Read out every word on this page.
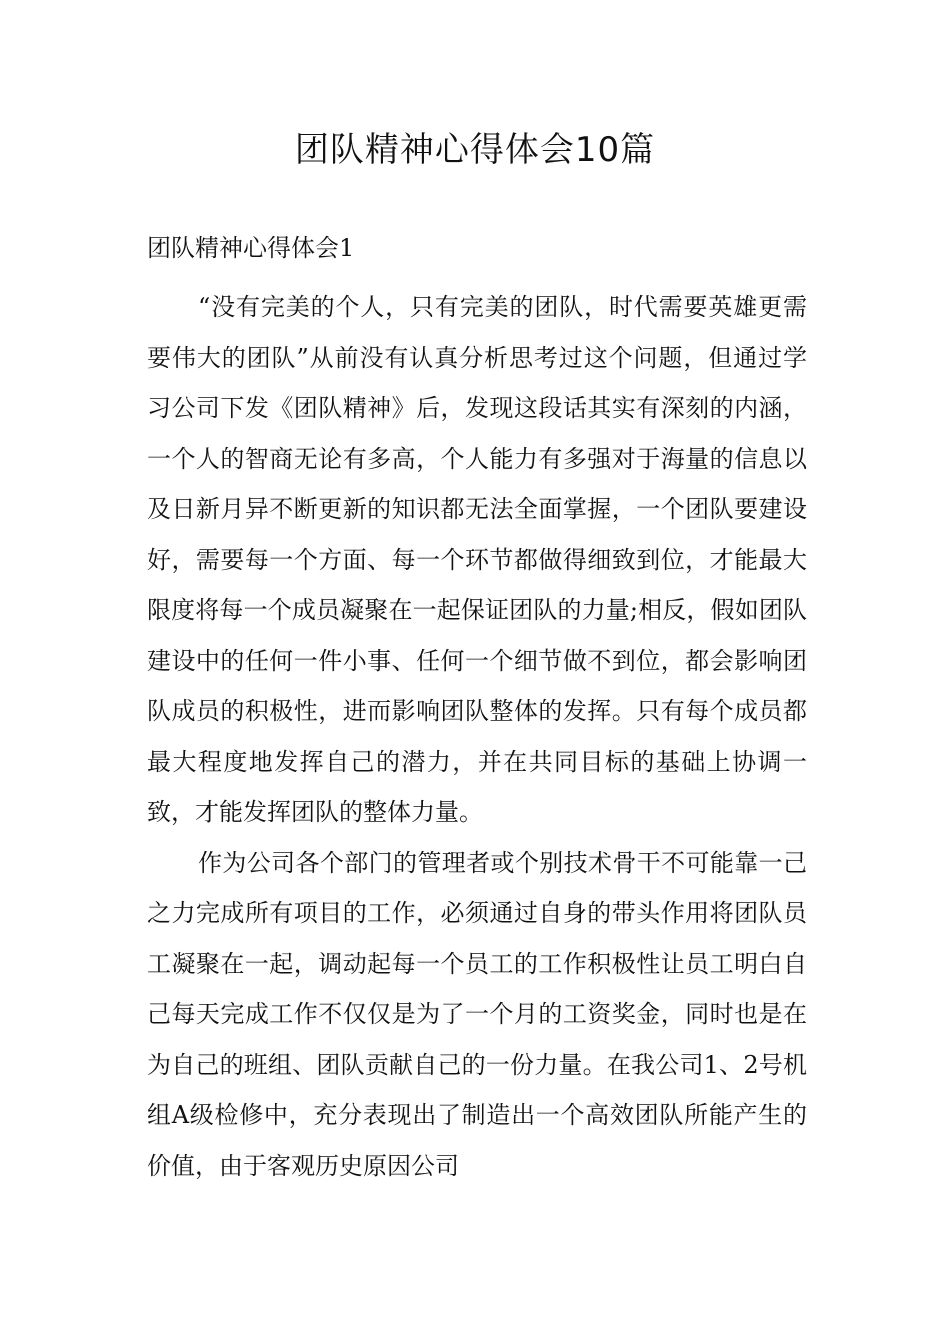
团队精神心得体会10篇
团队精神心得体会1

“没有完美的个人，只有完美的团队，时代需要英雄更需要伟大的团队”从前没有认真分析思考过这个问题，但通过学习公司下发《团队精神》后，发现这段话其实有深刻的内涵，一个人的智商无论有多高，个人能力有多强对于海量的信息以及日新月异不断更新的知识都无法全面掌握，一个团队要建设好，需要每一个方面、每一个环节都做得细致到位，才能最大限度将每一个成员凝聚在一起保证团队的力量;相反，假如团队建设中的任何一件小事、任何一个细节做不到位，都会影响团队成员的积极性，进而影响团队整体的发挥。只有每个成员都最大程度地发挥自己的潜力，并在共同目标的基础上协调一致，才能发挥团队的整体力量。

作为公司各个部门的管理者或个别技术骨干不可能靠一己之力完成所有项目的工作，必须通过自身的带头作用将团队员工凝聚在一起，调动起每一个员工的工作积极性让员工明白自己每天完成工作不仅仅是为了一个月的工资奖金，同时也是在为自己的班组、团队贡献自己的一份力量。在我公司1、2号机组A级检修中，充分表现出了制造出一个高效团队所能产生的价值，由于客观历史原因公司
